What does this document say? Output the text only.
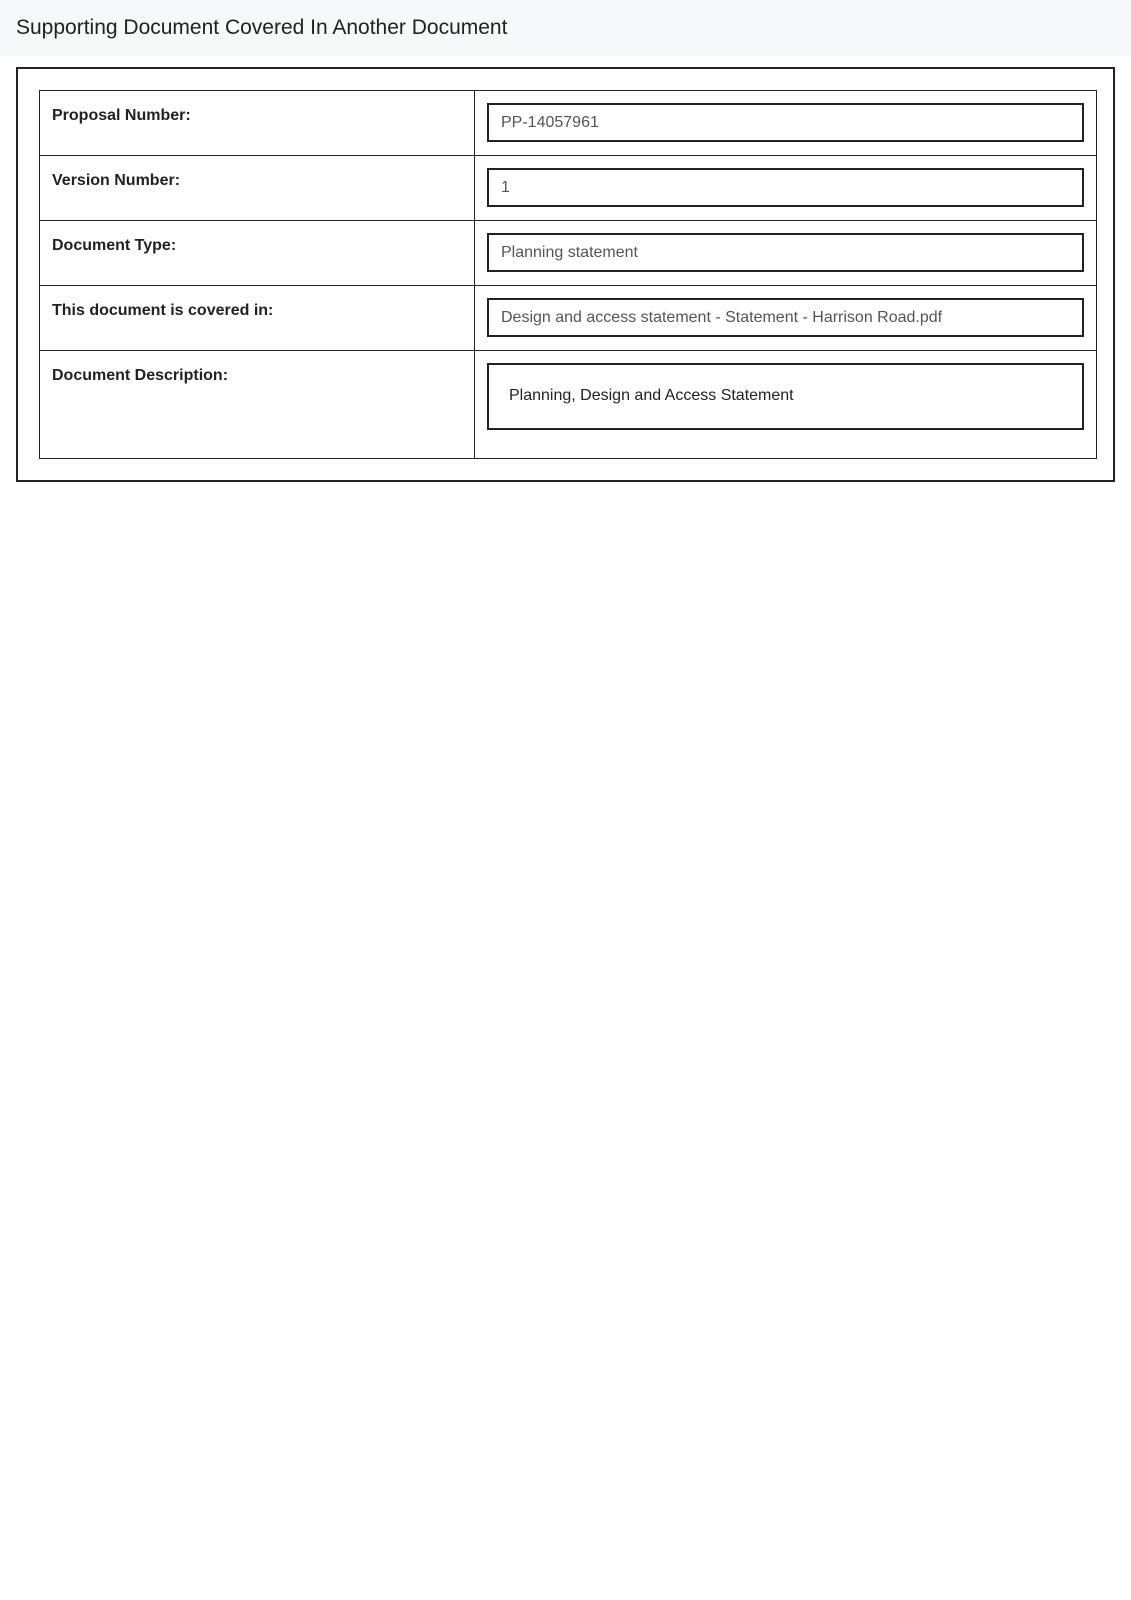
Supporting Document Covered In Another Document
Proposal Number:	PP-14057961

Version Number:	1

Document Type:	Planning statement

This document is covered in:	Design and access statement - Statement - Harrison Road.pdf

Document Description:	Planning, Design and Access Statement
